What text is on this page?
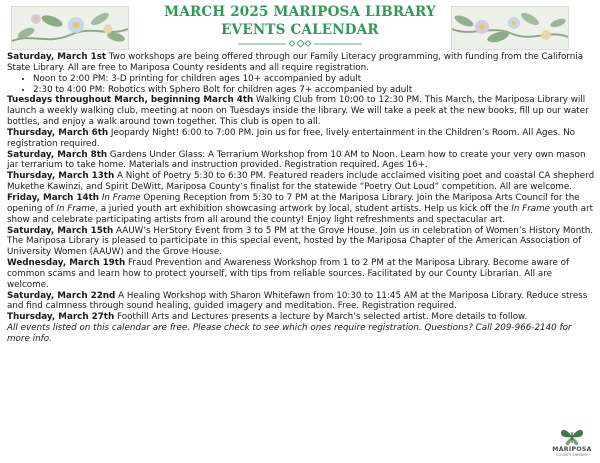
MARCH 2025 MARIPOSA LIBRARY
EVENTS CALENDAR

Saturday, March 1st Two workshops are being offered through our Family Literacy programming, with funding from the California State Library. All are free to Mariposa County residents and all require registration.

• Noon to 2:00 PM: 3-D printing for children ages 10+ accompanied by adult
• 2:30 to 4:00 PM: Robotics with Sphero Bolt for children ages 7+ accompanied by adult

Tuesdays throughout March, beginning March 4th Walking Club from 10:00 to 12:30 PM. This March, the Mariposa Library will launch a weekly walking club, meeting at noon on Tuesdays inside the library. We will take a peek at the new books, fill up our water bottles, and enjoy a walk around town together. This club is open to all.

Thursday, March 6th Jeopardy Night! 6:00 to 7:00 PM. Join us for free, lively entertainment in the Children’s Room. All Ages. No registration required.

Saturday, March 8th Gardens Under Glass: A Terrarium Workshop from 10 AM to Noon. Learn how to create your very own mason jar terrarium to take home. Materials and instruction provided. Registration required. Ages 16+.

Thursday, March 13th A Night of Poetry 5:30 to 6:30 PM. Featured readers include acclaimed visiting poet and coastal CA shepherd Mukethe Kawinzi, and Spirit DeWitt, Mariposa County’s finalist for the statewide “Poetry Out Loud” competition. All are welcome.

Friday, March 14th In Frame Opening Reception from 5:30 to 7 PM at the Mariposa Library. Join the Mariposa Arts Council for the opening of In Frame, a juried youth art exhibition showcasing artwork by local, student artists. Help us kick off the In Frame youth art show and celebrate participating artists from all around the county! Enjoy light refreshments and spectacular art.

Saturday, March 15th AAUW’s HerStory Event from 3 to 5 PM at the Grove House. Join us in celebration of Women’s History Month. The Mariposa Library is pleased to participate in this special event, hosted by the Mariposa Chapter of the American Association of University Women (AAUW) and the Grove House.

Wednesday, March 19th Fraud Prevention and Awareness Workshop from 1 to 2 PM at the Mariposa Library. Become aware of common scams and learn how to protect yourself, with tips from reliable sources. Facilitated by our County Librarian. All are welcome.

Saturday, March 22nd A Healing Workshop with Sharon Whitefawn from 10:30 to 11:45 AM at the Mariposa Library. Reduce stress and find calmness through sound healing, guided imagery and meditation. Free. Registration required.

Thursday, March 27th Foothill Arts and Lectures presents a lecture by March’s selected artist. More details to follow.

All events listed on this calendar are free. Please check to see which ones require registration. Questions? Call 209-966-2140 for more info.

MARIPOSA
COUNTY LIBRARY
